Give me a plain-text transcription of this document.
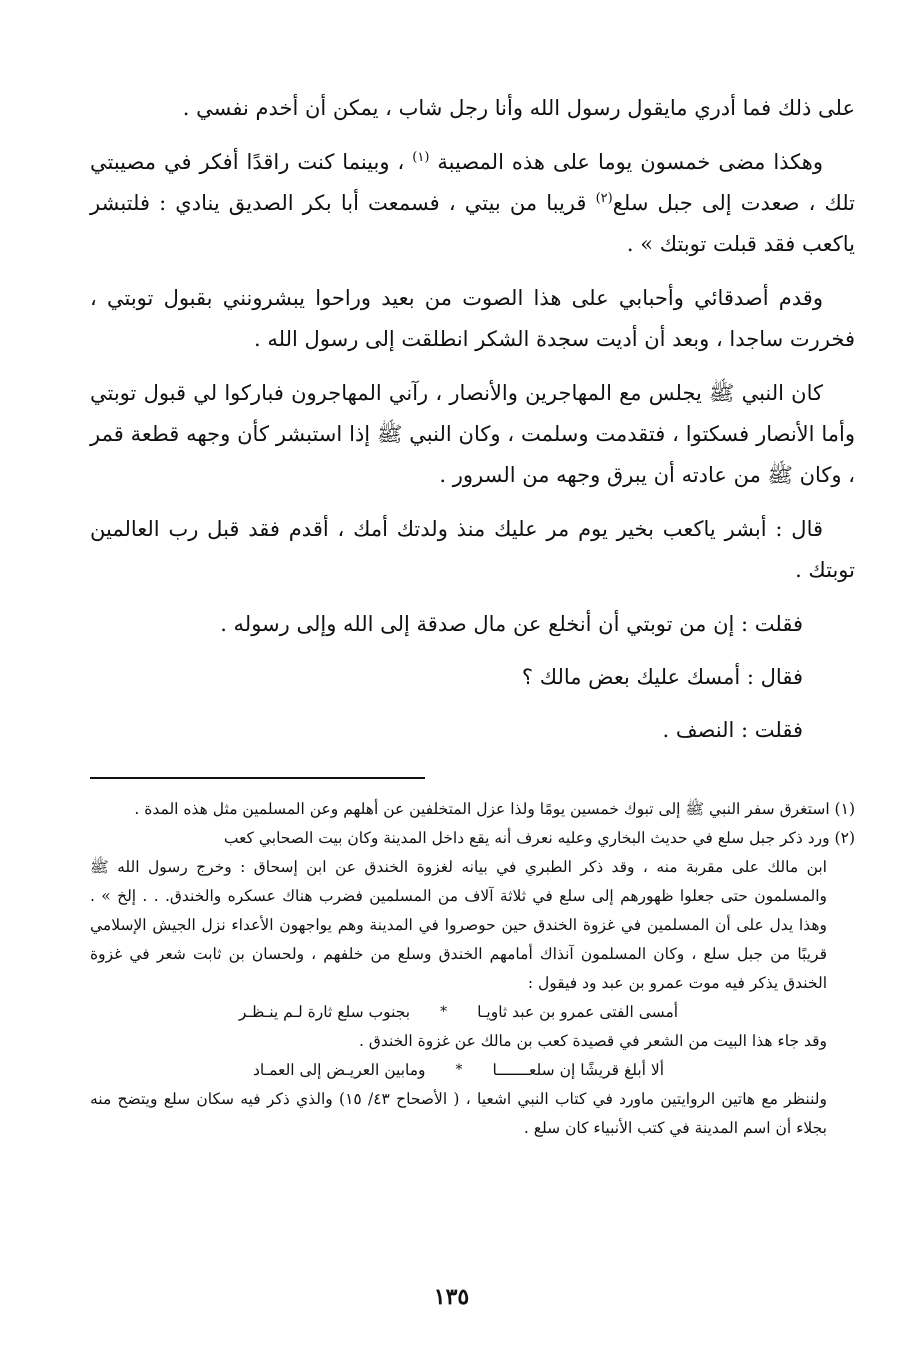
على ذلك فما أدري مايقول رسول الله وأنا رجل شاب ، يمكن أن أخدم نفسي .

وهكذا مضى خمسون يوما على هذه المصيبة $^{(١)}$ ، وبينما كنت راقدًا أفكر في مصيبتي تلك ، صعدت إلى جبل سلع$^{(٢)}$ قريبا من بيتي ، فسمعت أبا بكر الصديق ينادي : فلتبشر ياكعب فقد قبلت توبتك » .

وقدم أصدقائي وأحبابي على هذا الصوت من بعيد وراحوا يبشرونني بقبول توبتي ، فخررت ساجدا ، وبعد أن أديت سجدة الشكر انطلقت إلى رسول الله .

كان النبي ﷺ يجلس مع المهاجرين والأنصار ، رآني المهاجرون فباركوا لي قبول توبتي وأما الأنصار فسكتوا ، فتقدمت وسلمت ، وكان النبي ﷺ إذا استبشر كأن وجهه قطعة قمر ، وكان ﷺ من عادته أن يبرق وجهه من السرور .

قال : أبشر ياكعب بخير يوم مر عليك منذ ولدتك أمك ، أقدم فقد قبل رب العالمين توبتك .

فقلت : إن من توبتي أن أنخلع عن مال صدقة إلى الله وإلى رسوله .

فقال : أمسك عليك بعض مالك ؟

فقلت : النصف .

(١) استغرق سفر النبي ﷺ إلى تبوك خمسين يومًا ولذا عزل المتخلفين عن أهلهم وعن المسلمين مثل هذه المدة .

(٢) ورد ذكر جبل سلع في حديث البخاري وعليه نعرف أنه يقع داخل المدينة وكان بيت الصحابي كعب

ابن مالك على مقربة منه ، وقد ذكر الطبري في بيانه لغزوة الخندق عن ابن إسحاق : وخرج رسول الله ﷺ والمسلمون حتى جعلوا ظهورهم إلى سلع في ثلاثة آلاف من المسلمين فضرب هناك عسكره والخندق. . . إلخ » . وهذا يدل على أن المسلمين في غزوة الخندق حين حوصروا في المدينة وهم يواجهون الأعداء نزل الجيش الإسلامي قريبًا من جبل سلع ، وكان المسلمون آنذاك أمامهم الخندق وسلع من خلفهم ، ولحسان بن ثابت شعر في غزوة الخندق يذكر فيه موت عمرو بن عبد ود فيقول :

أمسى الفتى عمرو بن عبد ثاويـا
*
بجنوب سلع ثارة لـم ينـظـر

وقد جاء هذا البيت من الشعر في قصيدة كعب بن مالك عن غزوة الخندق .

ألا أبلغ قريشًا إن سلعـــــــا
*
ومابين العريـض إلى العمـاد

ولننظر مع هاتين الروايتين ماورد في كتاب النبي اشعيا ، ( الأصحاح ٤٣/ ١٥) والذي ذكر فيه سكان سلع ويتضح منه بجلاء أن اسم المدينة في كتب الأنبياء كان سلع .

١٣٥
